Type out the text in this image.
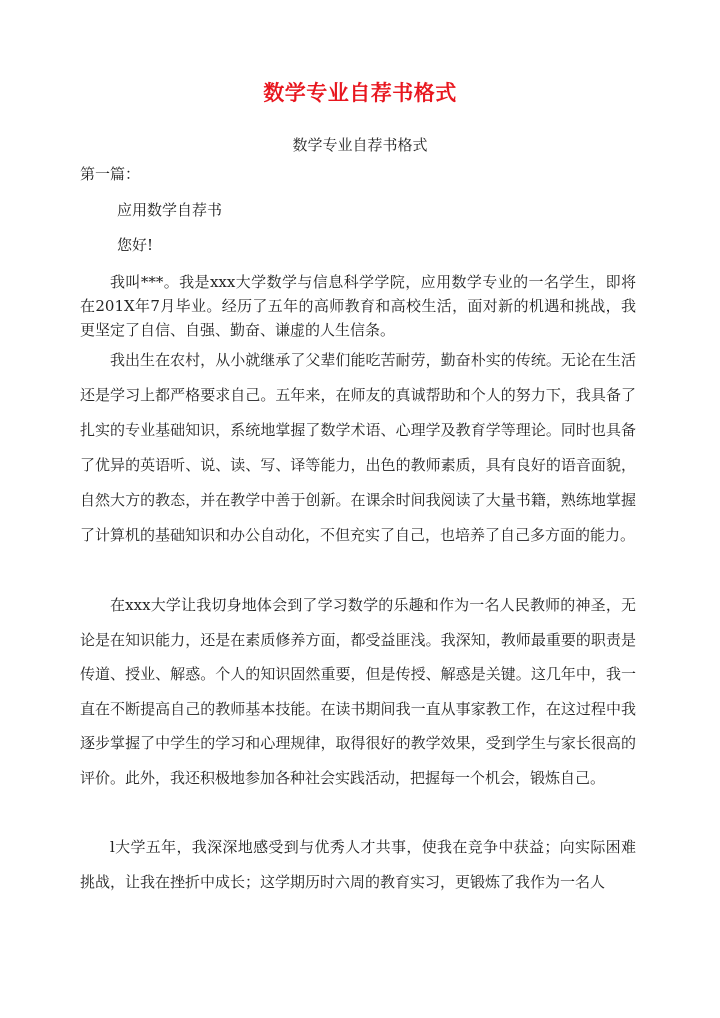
数学专业自荐书格式
数学专业自荐书格式
第一篇：
应用数学自荐书
您好!

我叫***。我是xxx大学数学与信息科学学院，应用数学专业的一名学生，即将在201X年7月毕业。经历了五年的高师教育和高校生活，面对新的机遇和挑战，我更坚定了自信、自强、勤奋、谦虚的人生信条。

我出生在农村，从小就继承了父辈们能吃苦耐劳，勤奋朴实的传统。无论在生活还是学习上都严格要求自己。五年来，在师友的真诚帮助和个人的努力下，我具备了扎实的专业基础知识，系统地掌握了数学术语、心理学及教育学等理论。同时也具备了优异的英语听、说、读、写、译等能力，出色的教师素质，具有良好的语音面貌，自然大方的教态，并在教学中善于创新。在课余时间我阅读了大量书籍，熟练地掌握了计算机的基础知识和办公自动化，不但充实了自己，也培养了自己多方面的能力。

在xxx大学让我切身地体会到了学习数学的乐趣和作为一名人民教师的神圣，无论是在知识能力，还是在素质修养方面，都受益匪浅。我深知，教师最重要的职责是传道、授业、解惑。个人的知识固然重要，但是传授、解惑是关键。这几年中，我一直在不断提高自己的教师基本技能。在读书期间我一直从事家教工作，在这过程中我逐步掌握了中学生的学习和心理规律，取得很好的教学效果，受到学生与家长很高的评价。此外，我还积极地参加各种社会实践活动，把握每一个机会，锻炼自己。

l大学五年，我深深地感受到与优秀人才共事，使我在竞争中获益；向实际困难挑战，让我在挫折中成长；这学期历时六周的教育实习，更锻炼了我作为一名人
